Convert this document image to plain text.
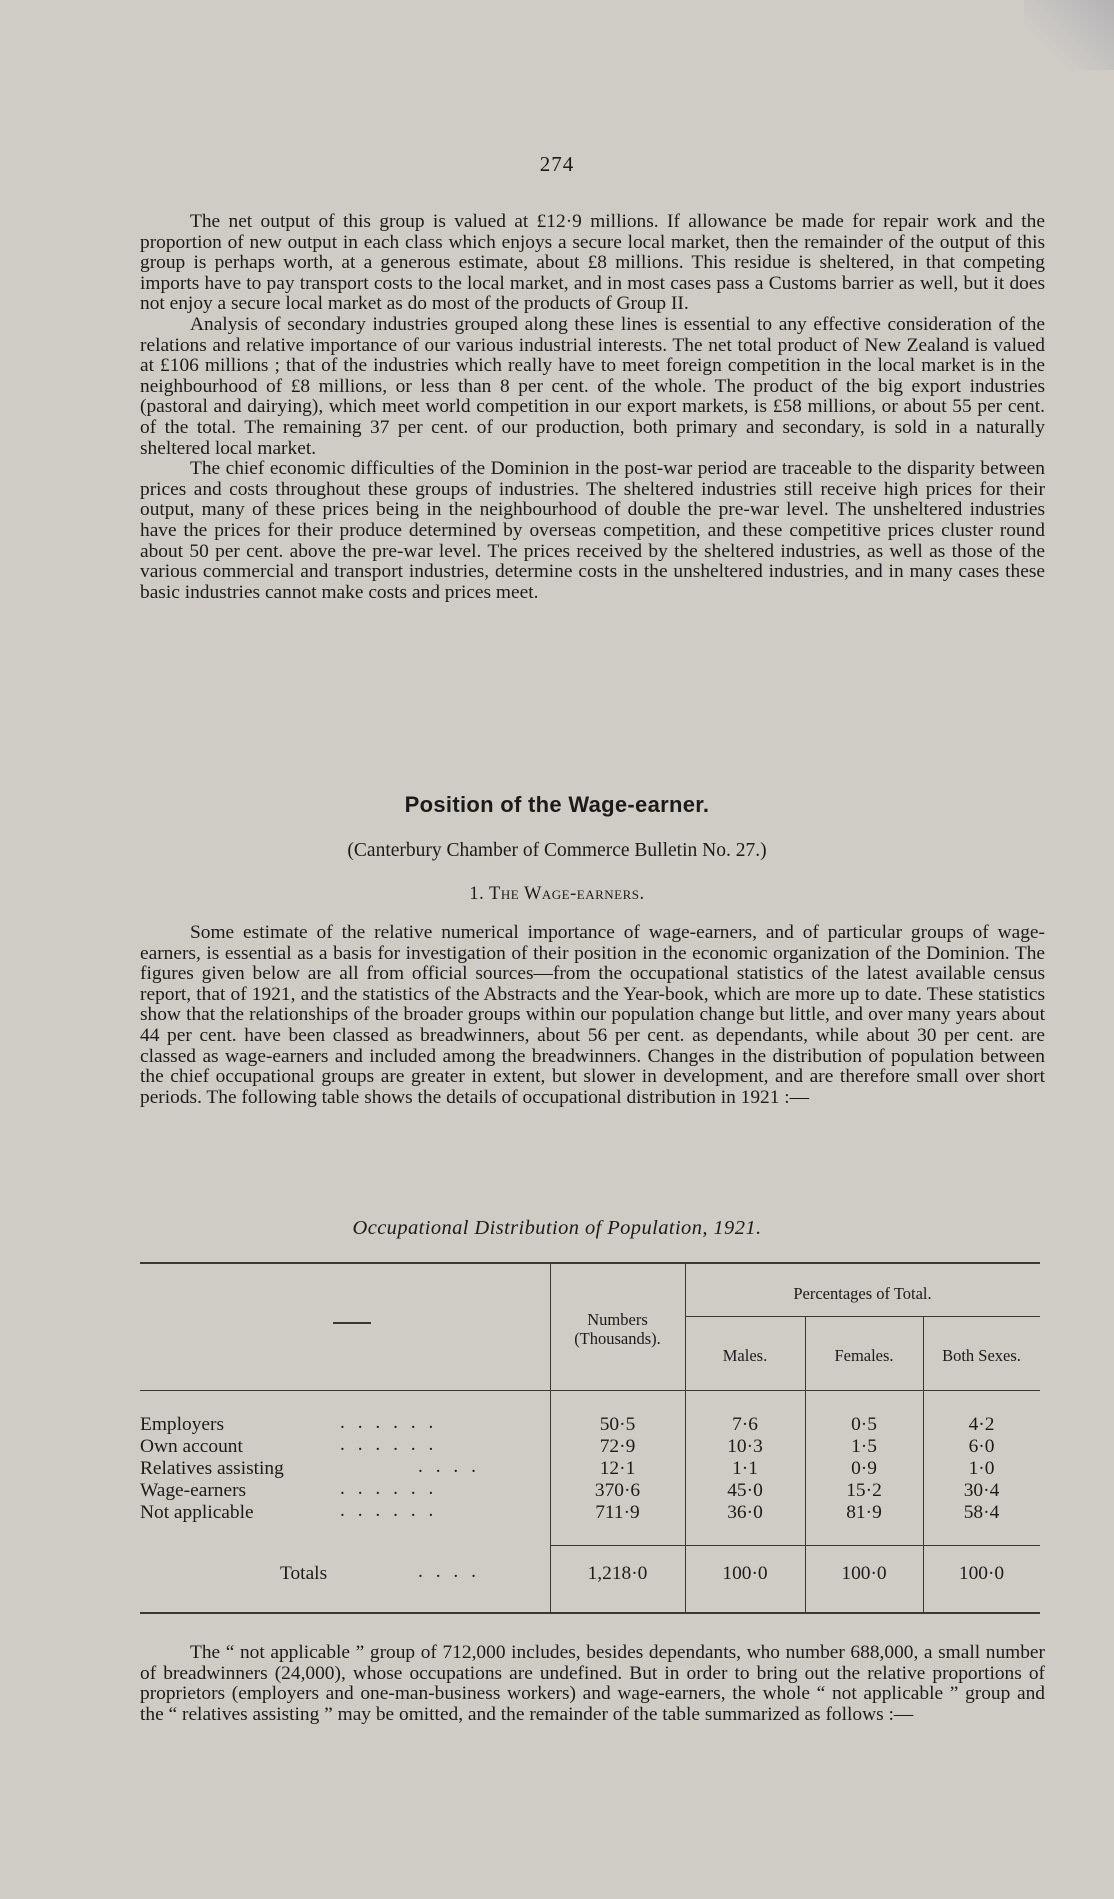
274

The net output of this group is valued at £12·9 millions. If allowance be made for repair work and the proportion of new output in each class which enjoys a secure local market, then the remainder of the output of this group is perhaps worth, at a generous estimate, about £8 millions. This residue is sheltered, in that competing imports have to pay transport costs to the local market, and in most cases pass a Customs barrier as well, but it does not enjoy a secure local market as do most of the products of Group II.

Analysis of secondary industries grouped along these lines is essential to any effective consideration of the relations and relative importance of our various industrial interests. The net total product of New Zealand is valued at £106 millions ; that of the industries which really have to meet foreign competition in the local market is in the neighbourhood of £8 millions, or less than 8 per cent. of the whole. The product of the big export industries (pastoral and dairying), which meet world competition in our export markets, is £58 millions, or about 55 per cent. of the total. The remaining 37 per cent. of our production, both primary and secondary, is sold in a naturally sheltered local market.

The chief economic difficulties of the Dominion in the post-war period are traceable to the disparity between prices and costs throughout these groups of industries. The sheltered industries still receive high prices for their output, many of these prices being in the neighbourhood of double the pre-war level. The unsheltered industries have the prices for their produce determined by overseas competition, and these competitive prices cluster round about 50 per cent. above the pre-war level. The prices received by the sheltered industries, as well as those of the various commercial and transport industries, determine costs in the unsheltered industries, and in many cases these basic industries cannot make costs and prices meet.

Position of the Wage-earner.
(Canterbury Chamber of Commerce Bulletin No. 27.)
1. The Wage-earners.

Some estimate of the relative numerical importance of wage-earners, and of particular groups of wage-earners, is essential as a basis for investigation of their position in the economic organization of the Dominion. The figures given below are all from official sources—from the occupational statistics of the latest available census report, that of 1921, and the statistics of the Abstracts and the Year-book, which are more up to date. These statistics show that the relationships of the broader groups within our population change but little, and over many years about 44 per cent. have been classed as breadwinners, about 56 per cent. as dependants, while about 30 per cent. are classed as wage-earners and included among the breadwinners. Changes in the distribution of population between the chief occupational groups are greater in extent, but slower in development, and are therefore small over short periods. The following table shows the details of occupational distribution in 1921 :—

Occupational Distribution of Population, 1921.
Numbers (Thousands).
Percentages of Total.
Males.	Females.	Both Sexes.
Employers	. . . . . .	50·5	7·6	0·5	4·2
Own account	. . . . . .	72·9	10·3	1·5	6·0
Relatives assisting	. . . .	12·1	1·1	0·9	1·0
Wage-earners	. . . . . .	370·6	45·0	15·2	30·4
Not applicable	. . . . . .	711·9	36·0	81·9	58·4
Totals	. . . .	1,218·0	100·0	100·0	100·0

The “ not applicable ” group of 712,000 includes, besides dependants, who number 688,000, a small number of breadwinners (24,000), whose occupations are undefined. But in order to bring out the relative proportions of proprietors (employers and one-man-business workers) and wage-earners, the whole “ not applicable ” group and the “ relatives assisting ” may be omitted, and the remainder of the table summarized as follows :—
